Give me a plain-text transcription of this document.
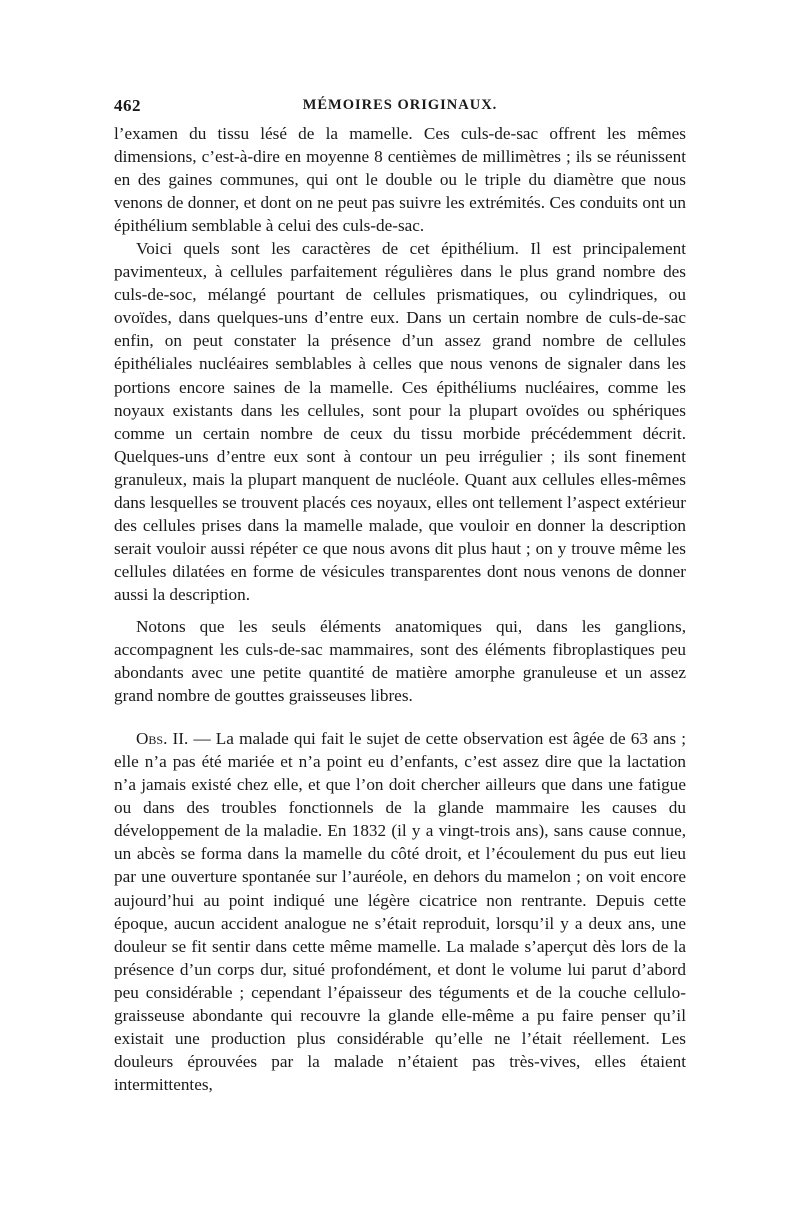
462	MÉMOIRES ORIGINAUX.

l’examen du tissu lésé de la mamelle. Ces culs-de-sac offrent les mêmes dimensions, c’est-à-dire en moyenne 8 centièmes de millimètres ; ils se réunissent en des gaines communes, qui ont le double ou le triple du diamètre que nous venons de donner, et dont on ne peut pas suivre les extrémités. Ces conduits ont un épithélium semblable à celui des culs-de-sac.

Voici quels sont les caractères de cet épithélium. Il est principalement pavimenteux, à cellules parfaitement régulières dans le plus grand nombre des culs-de-soc, mélangé pourtant de cellules prismatiques, ou cylindriques, ou ovoïdes, dans quelques-uns d’entre eux. Dans un certain nombre de culs-de-sac enfin, on peut constater la présence d’un assez grand nombre de cellules épithéliales nucléaires semblables à celles que nous venons de signaler dans les portions encore saines de la mamelle. Ces épithéliums nucléaires, comme les noyaux existants dans les cellules, sont pour la plupart ovoïdes ou sphériques comme un certain nombre de ceux du tissu morbide précédemment décrit. Quelques-uns d’entre eux sont à contour un peu irrégulier ; ils sont finement granuleux, mais la plupart manquent de nucléole. Quant aux cellules elles-mêmes dans lesquelles se trouvent placés ces noyaux, elles ont tellement l’aspect extérieur des cellules prises dans la mamelle malade, que vouloir en donner la description serait vouloir aussi répéter ce que nous avons dit plus haut ; on y trouve même les cellules dilatées en forme de vésicules transparentes dont nous venons de donner aussi la description.

Notons que les seuls éléments anatomiques qui, dans les ganglions, accompagnent les culs-de-sac mammaires, sont des éléments fibroplastiques peu abondants avec une petite quantité de matière amorphe granuleuse et un assez grand nombre de gouttes graisseuses libres.

Obs. II. — La malade qui fait le sujet de cette observation est âgée de 63 ans ; elle n’a pas été mariée et n’a point eu d’enfants, c’est assez dire que la lactation n’a jamais existé chez elle, et que l’on doit chercher ailleurs que dans une fatigue ou dans des troubles fonctionnels de la glande mammaire les causes du développement de la maladie. En 1832 (il y a vingt-trois ans), sans cause connue, un abcès se forma dans la mamelle du côté droit, et l’écoulement du pus eut lieu par une ouverture spontanée sur l’auréole, en dehors du mamelon ; on voit encore aujourd’hui au point indiqué une légère cicatrice non rentrante. Depuis cette époque, aucun accident analogue ne s’était reproduit, lorsqu’il y a deux ans, une douleur se fit sentir dans cette même mamelle. La malade s’aperçut dès lors de la présence d’un corps dur, situé profondément, et dont le volume lui parut d’abord peu considérable ; cependant l’épaisseur des téguments et de la couche cellulo-graisseuse abondante qui recouvre la glande elle-même a pu faire penser qu’il existait une production plus considérable qu’elle ne l’était réellement. Les douleurs éprouvées par la malade n’étaient pas très-vives, elles étaient intermittentes,
